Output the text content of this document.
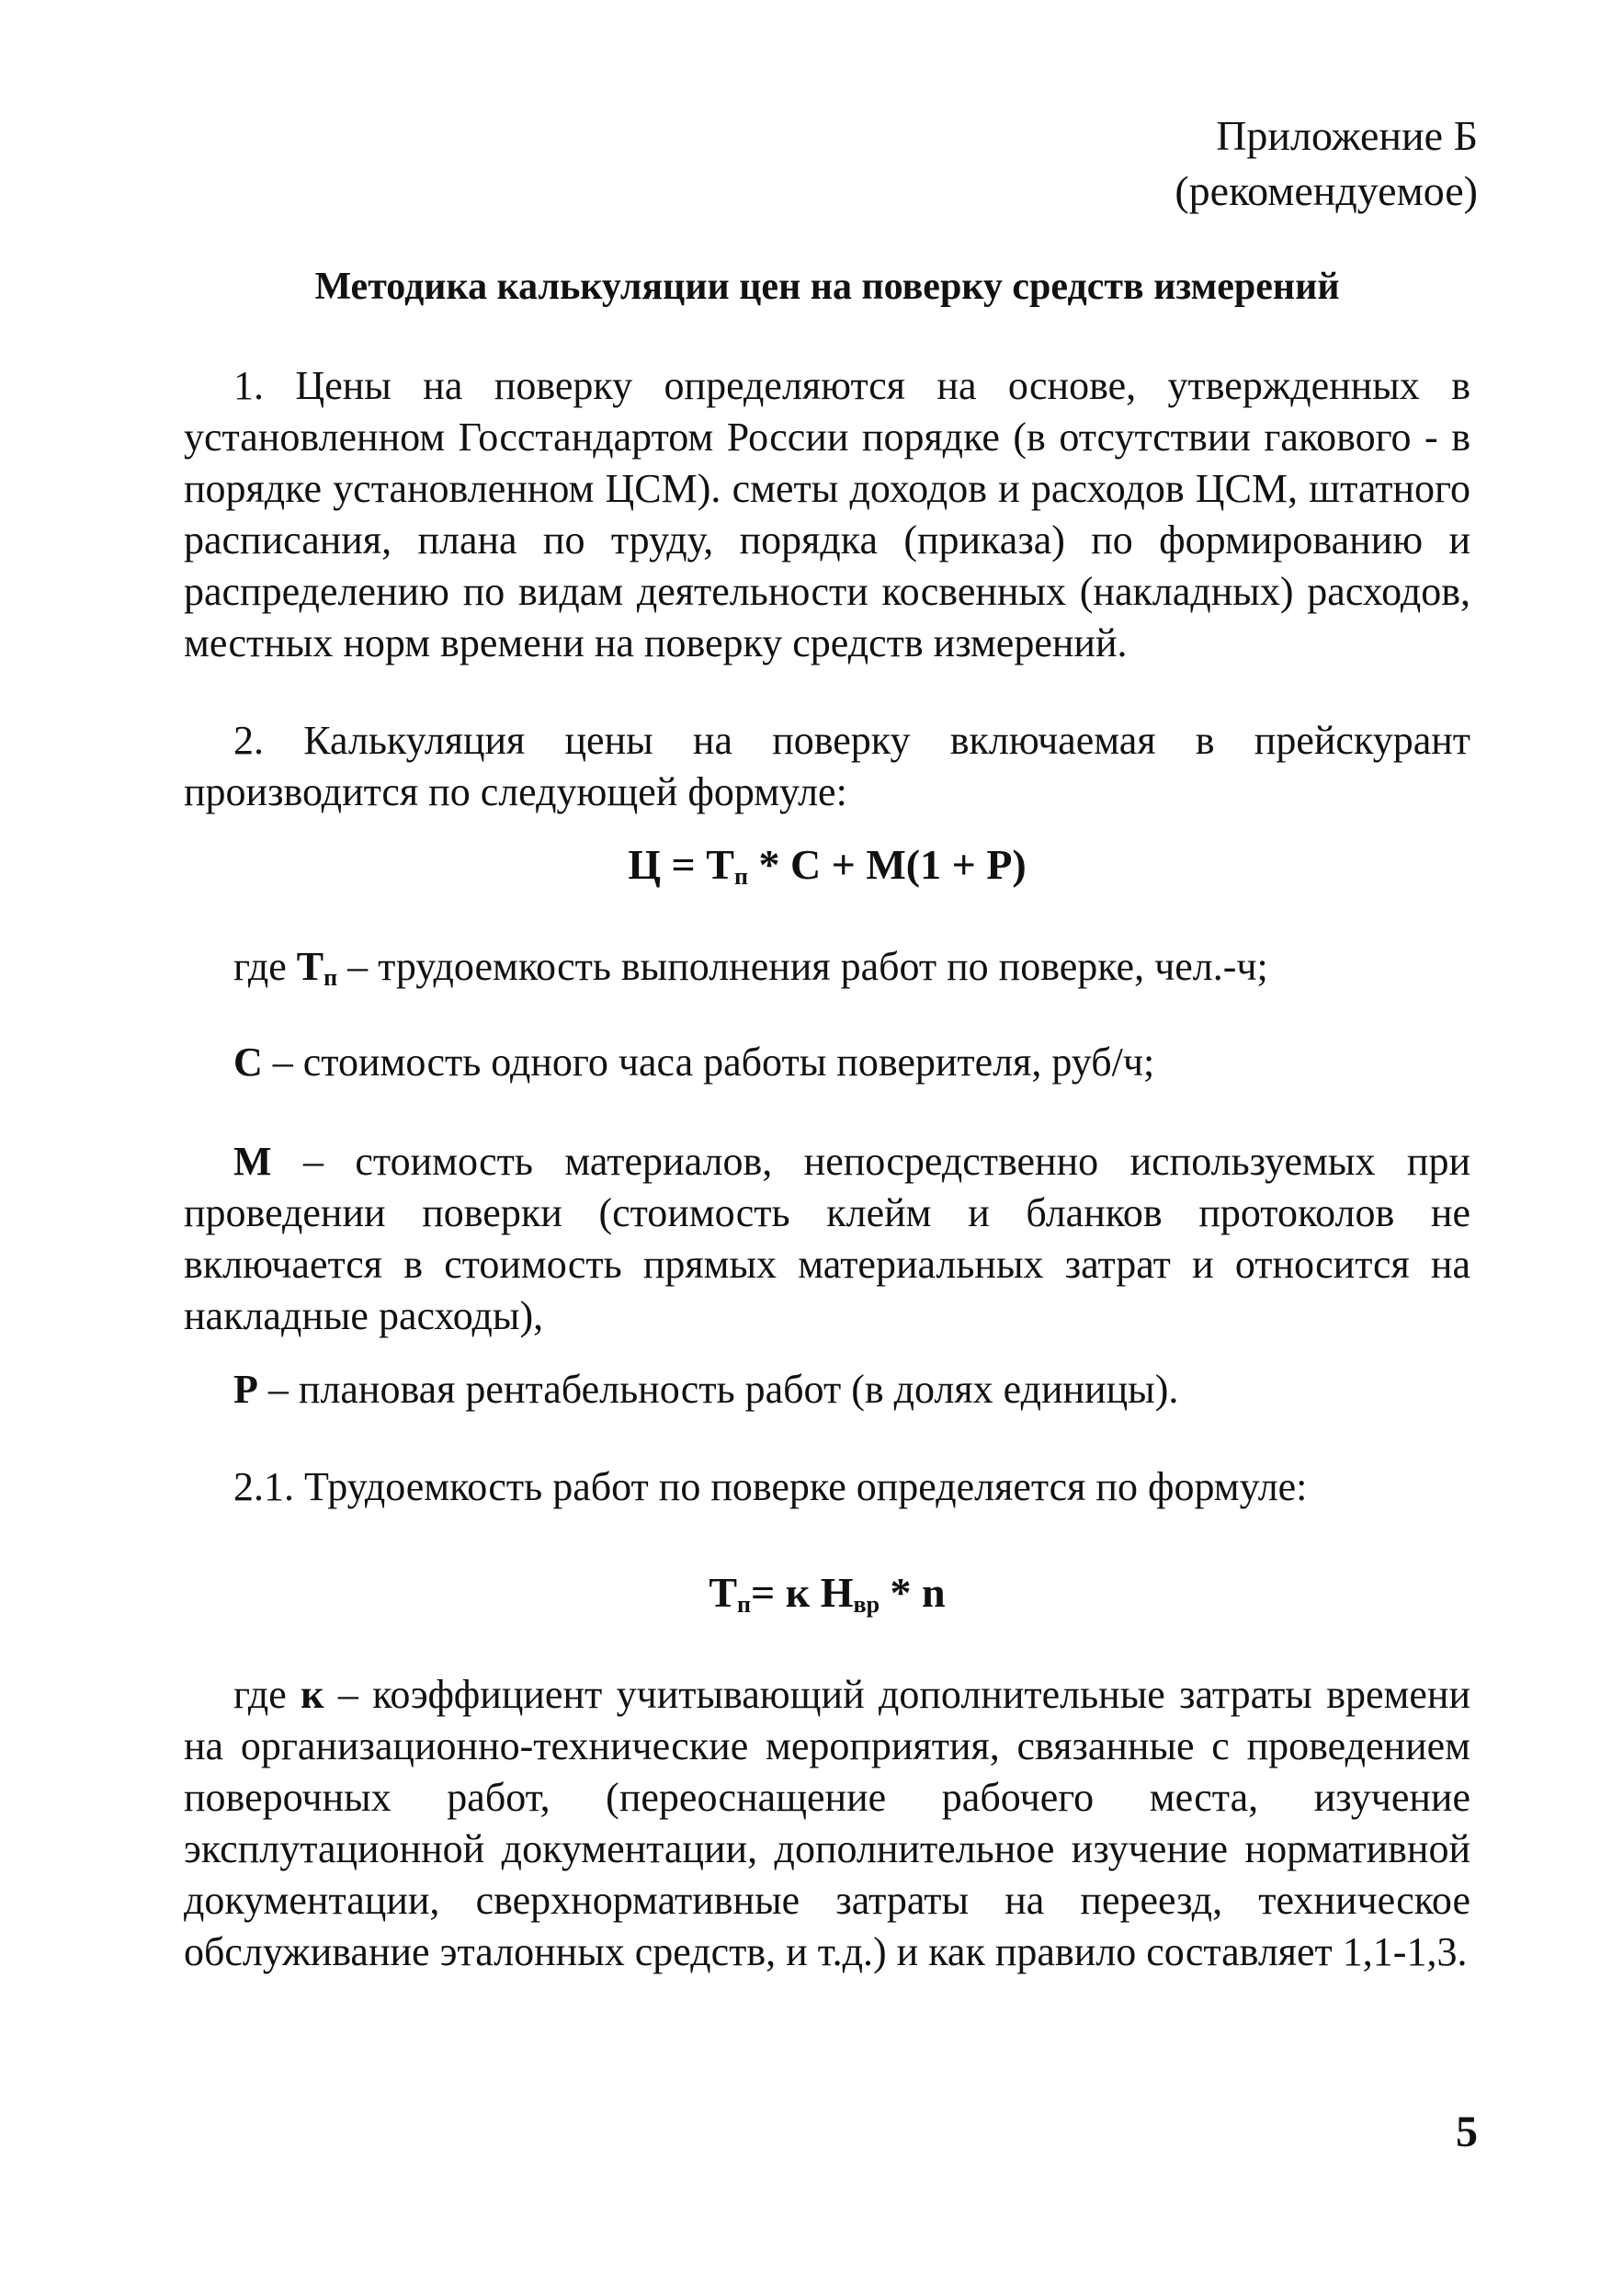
Приложение Б
(рекомендуемое)
Методика калькуляции цен на поверку средств измерений
1. Цены на поверку определяются на основе, утвержденных в установленном Госстандартом России порядке (в отсутствии гакового - в порядке установленном ЦСМ). сметы доходов и расходов ЦСМ, штатного расписания, плана по труду, порядка (приказа) по формированию и распределению по видам деятельности косвенных (накладных) расходов, местных норм времени на поверку средств измерений.
2. Калькуляция цены на поверку включаемая в прейскурант производится по следующей формуле:
$Ц = Т_п * С + М(1 + Р)$
где $Т_п$ – трудоемкость выполнения работ по поверке, чел.-ч;
С – стоимость одного часа работы поверителя, руб/ч;
М – стоимость материалов, непосредственно используемых при проведении поверки (стоимость клейм и бланков протоколов не включается в стоимость прямых материальных затрат и относится на накладные расходы),
Р – плановая рентабельность работ (в долях единицы).
2.1. Трудоемкость работ по поверке определяется по формуле:
$Т_п= к$ $Н_{вр}$ * n
где к – коэффициент учитывающий дополнительные затраты времени на организационно-технические мероприятия, связанные с проведением поверочных работ, (переоснащение рабочего места, изучение эксплутационной документации, дополнительное изучение нормативной документации, сверхнормативные затраты на переезд, техническое обслуживание эталонных средств, и т.д.) и как правило составляет 1,1-1,3.
5
